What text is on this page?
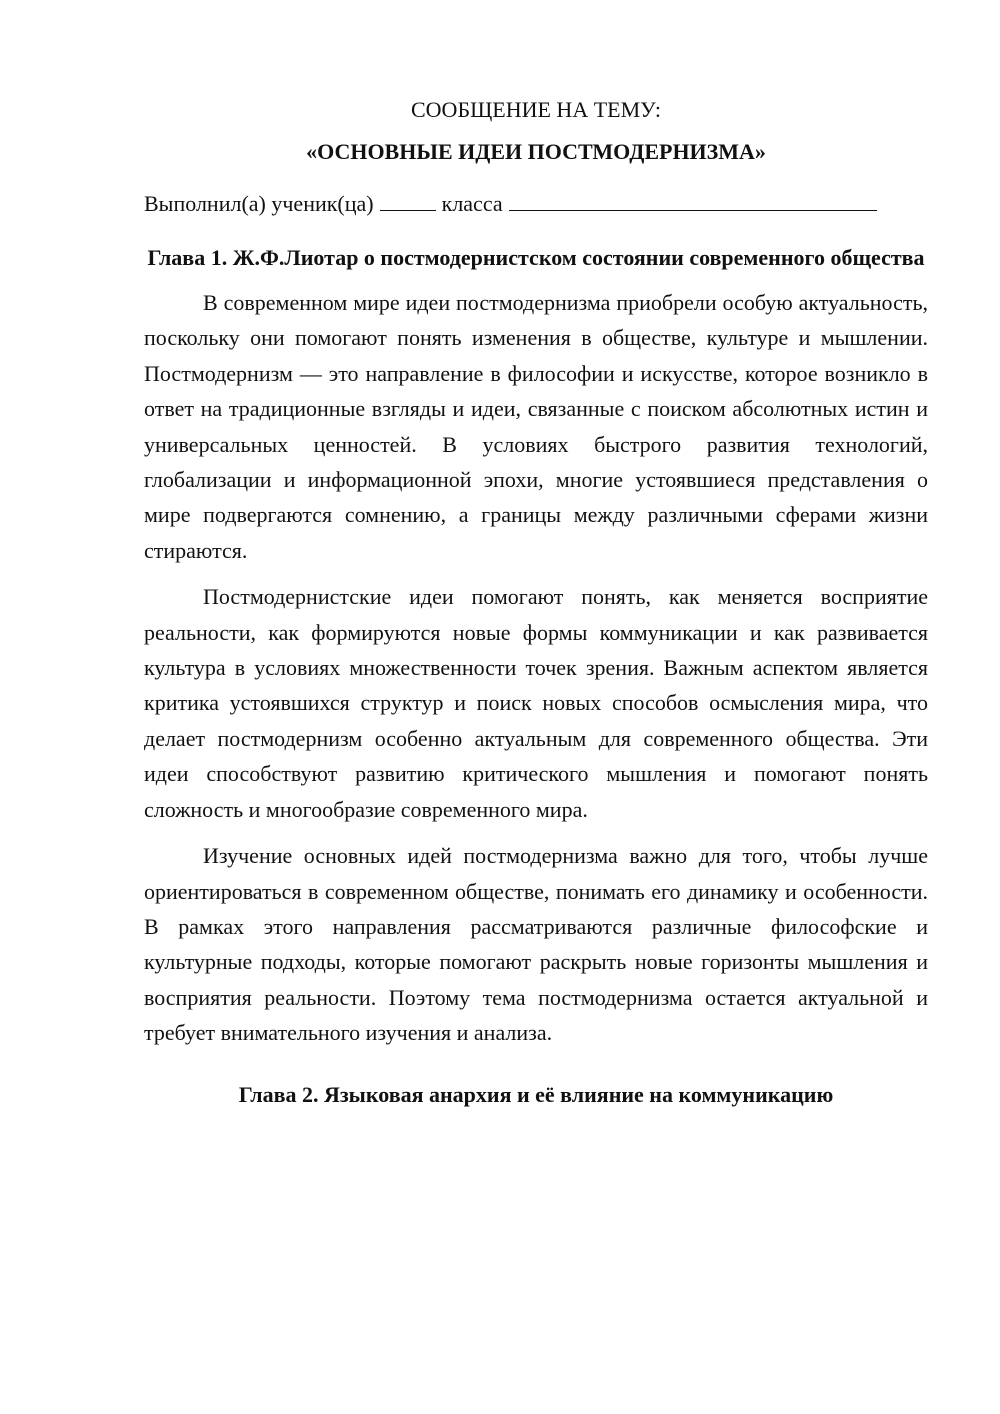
СООБЩЕНИЕ НА ТЕМУ:

«ОСНОВНЫЕ ИДЕИ ПОСТМОДЕРНИЗМА»

Выполнил(а) ученик(ца)	класса

Глава 1. Ж.Ф.Лиотар о постмодернистском состоянии современного общества

В современном мире идеи постмодернизма приобрели особую актуальность, поскольку они помогают понять изменения в обществе, культуре и мышлении. Постмодернизм — это направление в философии и искусстве, которое возникло в ответ на традиционные взгляды и идеи, связанные с поиском абсолютных истин и универсальных ценностей. В условиях быстрого развития технологий, глобализации и информационной эпохи, многие устоявшиеся представления о мире подвергаются сомнению, а границы между различными сферами жизни стираются.

Постмодернистские идеи помогают понять, как меняется восприятие реальности, как формируются новые формы коммуникации и как развивается культура в условиях множественности точек зрения. Важным аспектом является критика устоявшихся структур и поиск новых способов осмысления мира, что делает постмодернизм особенно актуальным для современного общества. Эти идеи способствуют развитию критического мышления и помогают понять сложность и многообразие современного мира.

Изучение основных идей постмодернизма важно для того, чтобы лучше ориентироваться в современном обществе, понимать его динамику и особенности. В рамках этого направления рассматриваются различные философские и культурные подходы, которые помогают раскрыть новые горизонты мышления и восприятия реальности. Поэтому тема постмодернизма остается актуальной и требует внимательного изучения и анализа.

Глава 2. Языковая анархия и её влияние на коммуникацию
